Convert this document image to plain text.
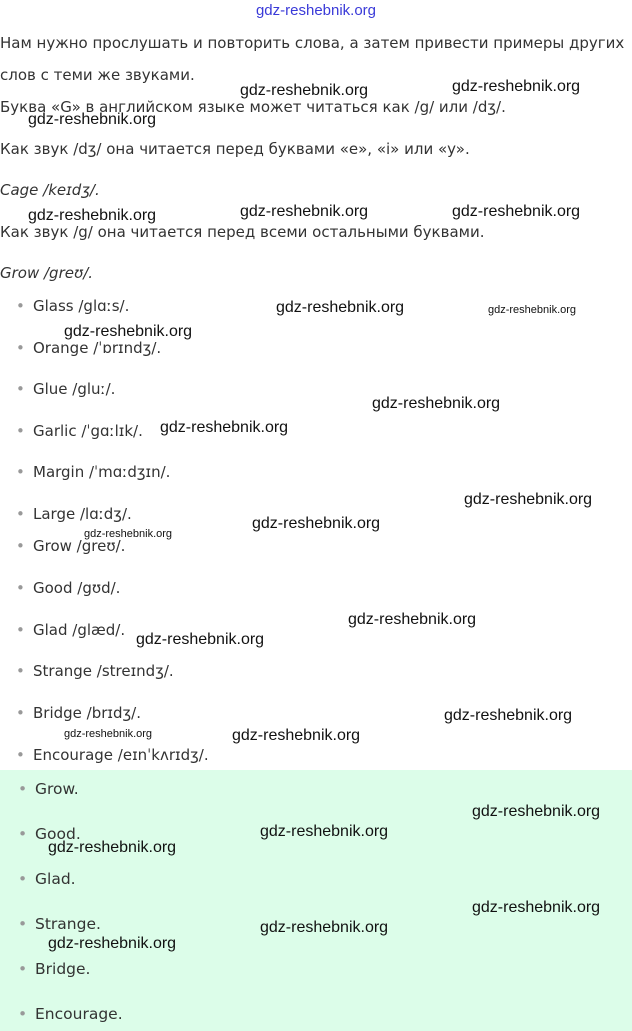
gdz-reshebnik.org

Нам нужно прослушать и повторить слова, а затем привести примеры других

слов с теми же звуками.

Буква «G» в английском языке может читаться как /g/ или /dʒ/.

Как звук /dʒ/ она читается перед буквами «e», «i» или «y».

Cage /keɪdʒ/.

Как звук /g/ она читается перед всеми остальными буквами.

Grow /greʊ/.

• Glass /glɑːs/.
• Orange /ˈɒrɪndʒ/.
• Glue /gluː/.
• Garlic /ˈgɑːlɪk/.
• Margin /ˈmɑːdʒɪn/.
• Large /lɑːdʒ/.
• Grow /greʊ/.
• Good /gʊd/.
• Glad /glæd/.
• Strange /streɪndʒ/.
• Bridge /brɪdʒ/.
• Encourage /eɪnˈkʌrɪdʒ/.
• Grow.
• Good.
• Glad.
• Strange.
• Bridge.
• Encourage.
gdz-reshebnik.org	gdz-reshebnik.org
gdz-reshebnik.org
gdz-reshebnik.org	gdz-reshebnik.org	gdz-reshebnik.org
gdz-reshebnik.org	gdz-reshebnik.org
gdz-reshebnik.org
gdz-reshebnik.org
gdz-reshebnik.org
gdz-reshebnik.org
gdz-reshebnik.org
gdz-reshebnik.org
gdz-reshebnik.org
gdz-reshebnik.org
gdz-reshebnik.org
gdz-reshebnik.org	gdz-reshebnik.org
gdz-reshebnik.org
gdz-reshebnik.org
gdz-reshebnik.org
gdz-reshebnik.org
gdz-reshebnik.org
gdz-reshebnik.org
